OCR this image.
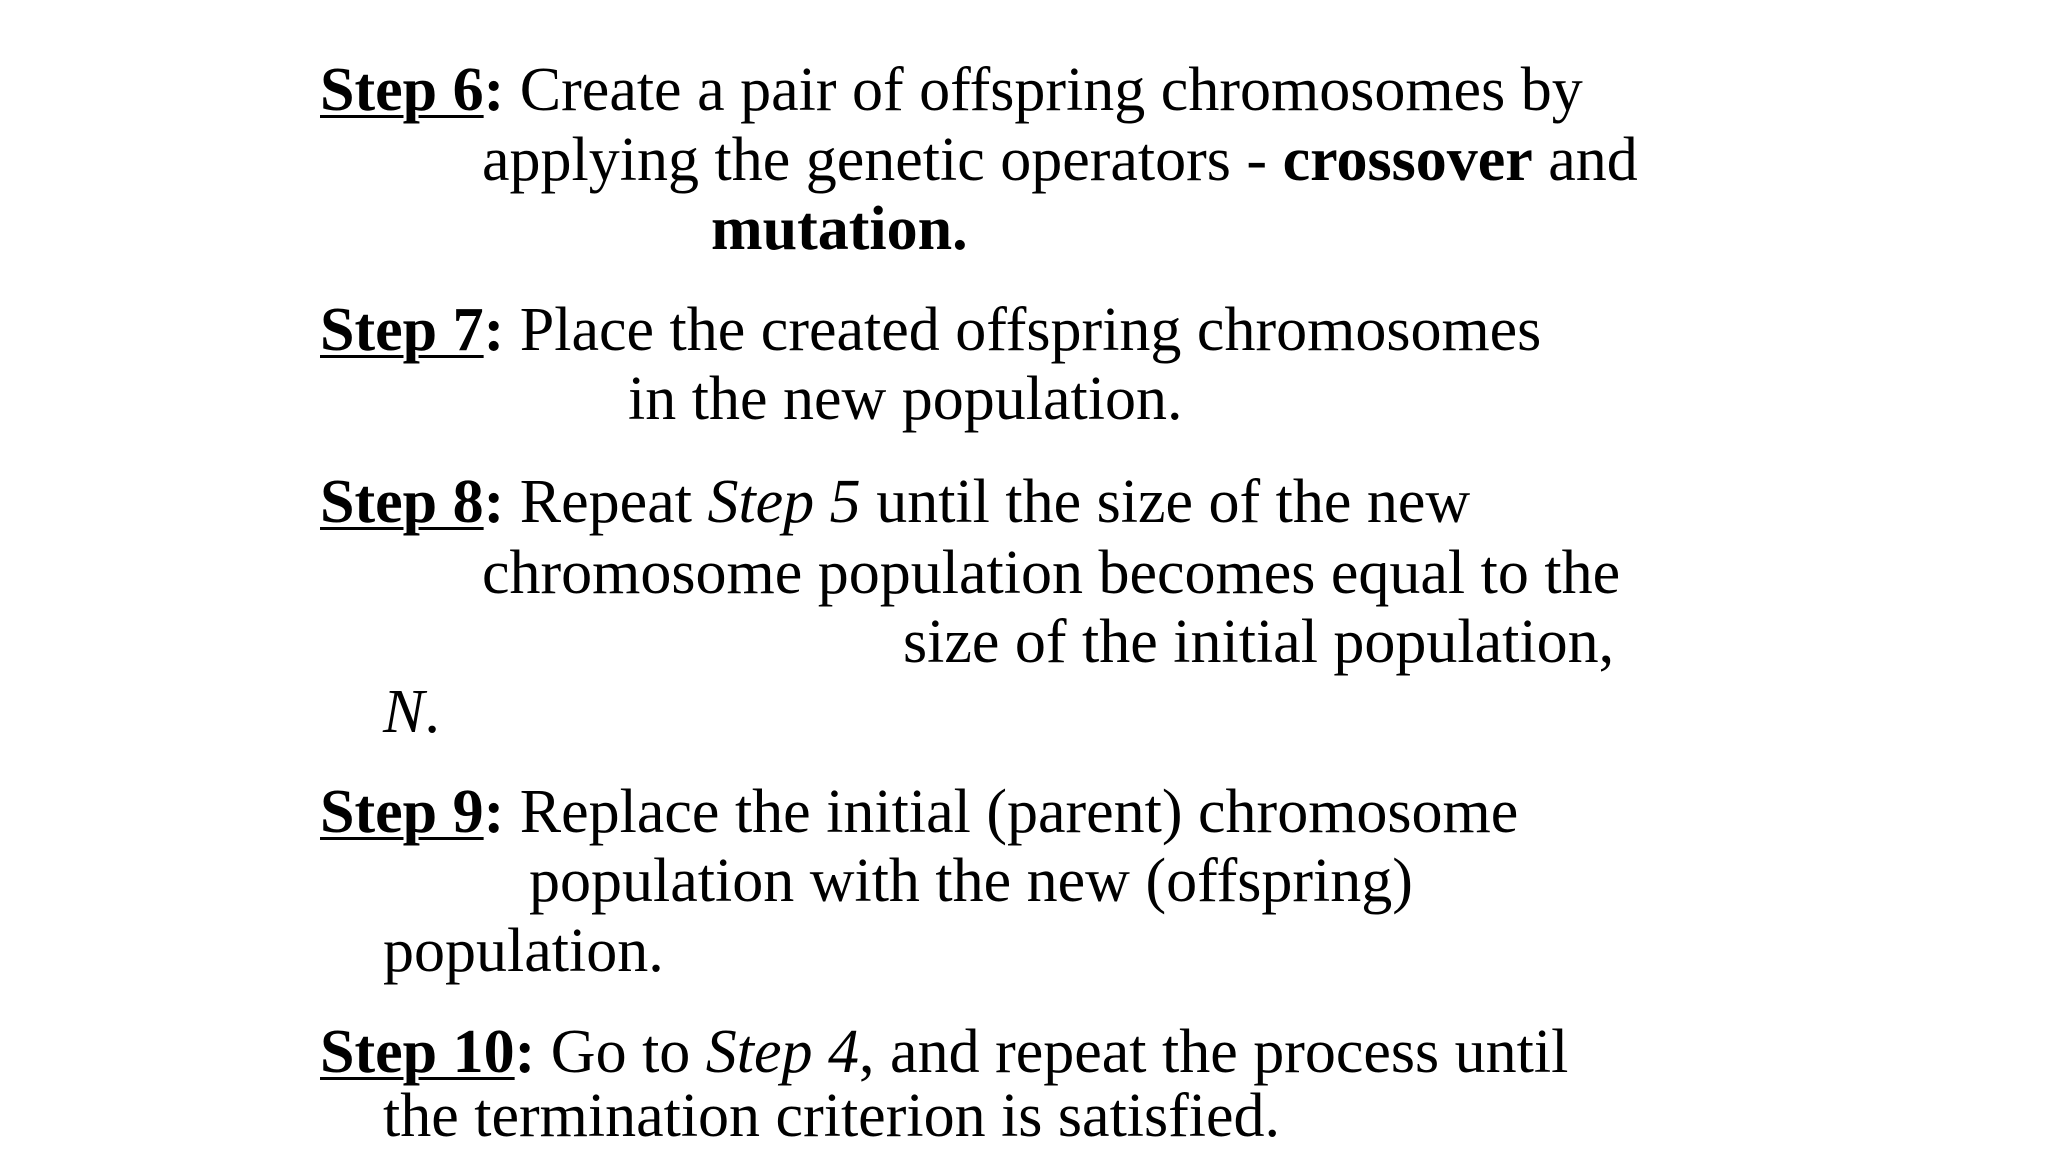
Step 6: Create a pair of offspring chromosomes by
applying the genetic operators - crossover and
mutation.
Step 7: Place the created offspring chromosomes
in the new population.
Step 8: Repeat Step 5 until the size of the new
chromosome population becomes equal to the
size of the initial population,
N.
Step 9: Replace the initial (parent) chromosome
population with the new (offspring)
population.
Step 10: Go to Step 4, and repeat the process until
the termination criterion is satisfied.
